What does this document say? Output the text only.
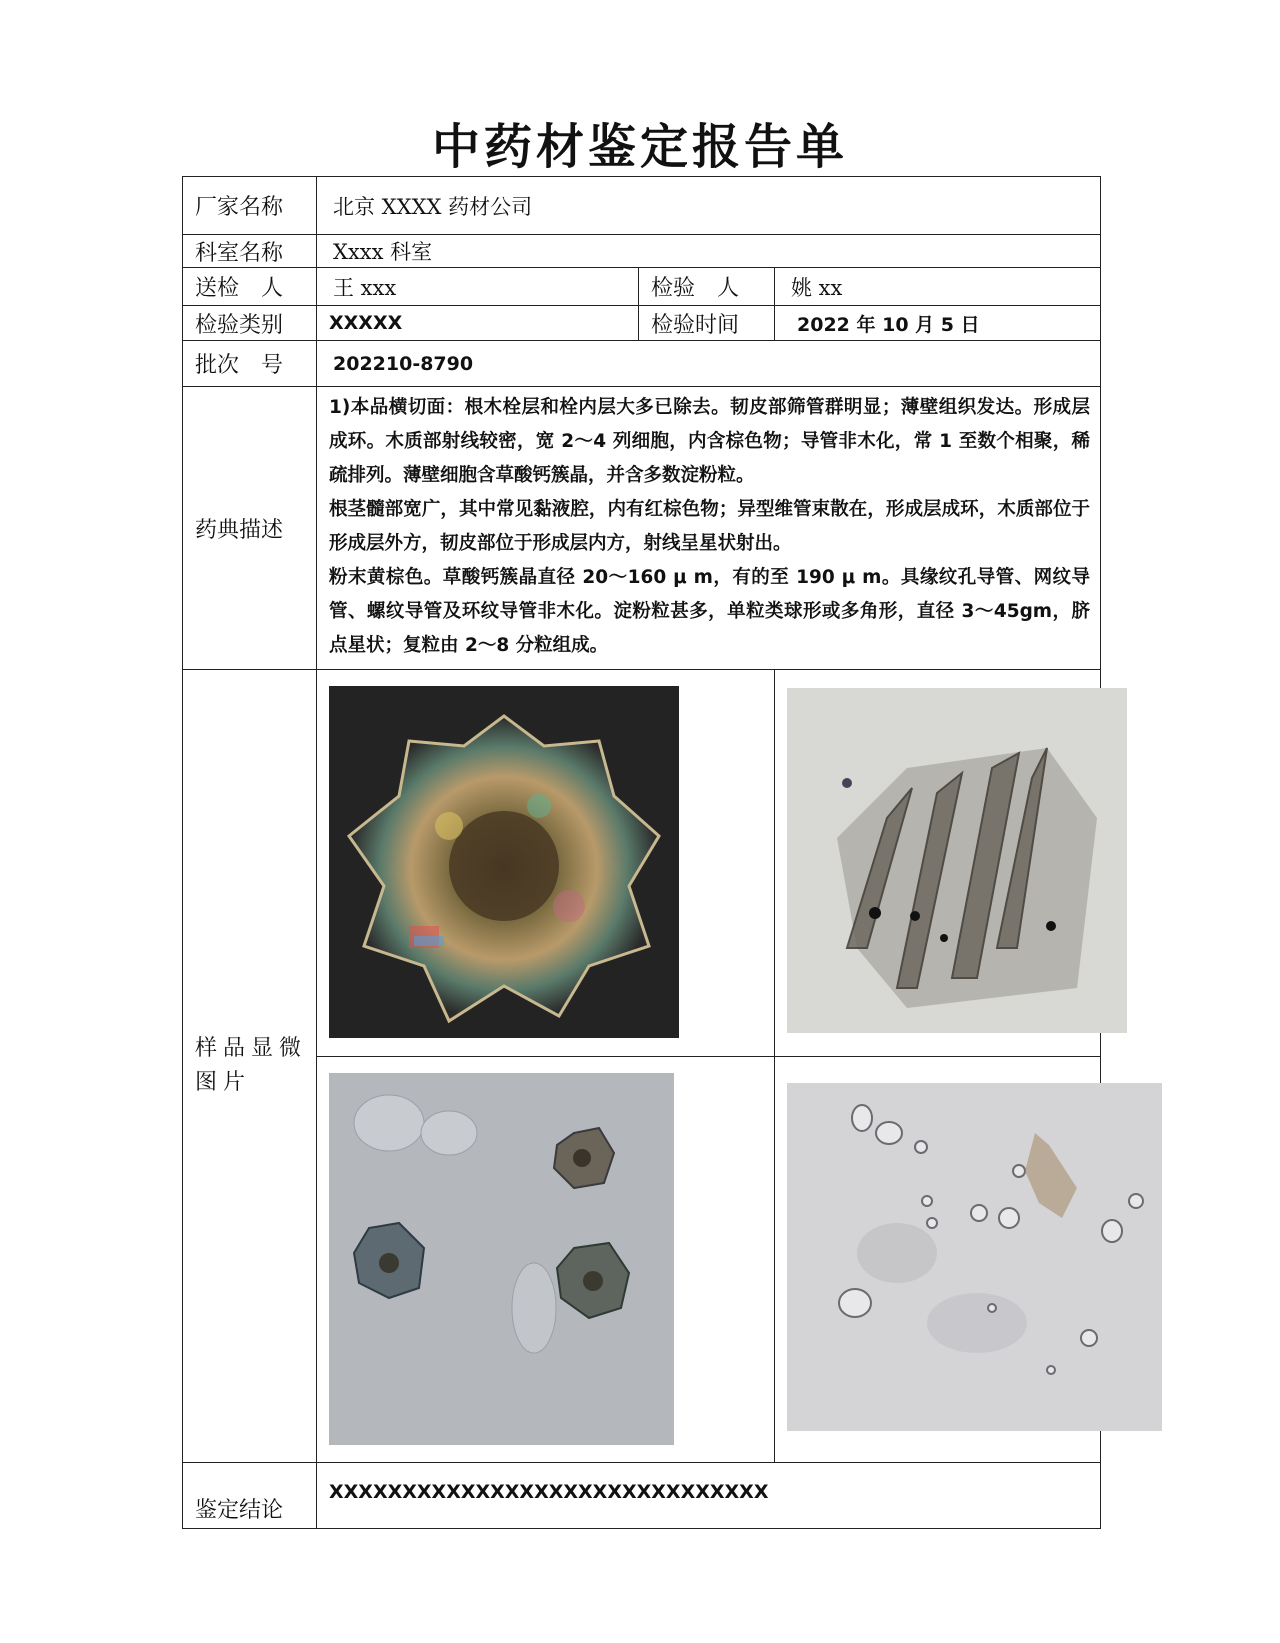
中药材鉴定报告单
厂家名称	北京 XXXX 药材公司		
科室名称	Xxxx 科室		
送检　人	王 xxx	检验　人	姚 xx
检验类别	XXXXX	检验时间	2022 年 10 月 5 日
批次　号	202210-8790		
药典描述	1)本品横切面：根木栓层和栓内层大多已除去。韧皮部筛管群明显；薄壁组织发达。形成层成环。木质部射线较密，宽 2～4 列细胞，内含棕色物；导管非木化，常 1 至数个相聚，稀疏排列。薄壁细胞含草酸钙簇晶，并含多数淀粉粒。

根茎髓部宽广，其中常见黏液腔，内有红棕色物；异型维管束散在，形成层成环，木质部位于形成层外方，韧皮部位于形成层内方，射线呈星状射出。

粉末黄棕色。草酸钙簇晶直径 20～160 μ m，有的至 190 μ m。具缘纹孔导管、网纹导管、螺纹导管及环纹导管非木化。淀粉粒甚多，单粒类球形或多角形，直径 3～45gm，脐点星状；复粒由 2～8 分粒组成。		

样品显微图片	

鉴定结论	XXXXXXXXXXXXXXXXXXXXXXXXXXXXXX		
